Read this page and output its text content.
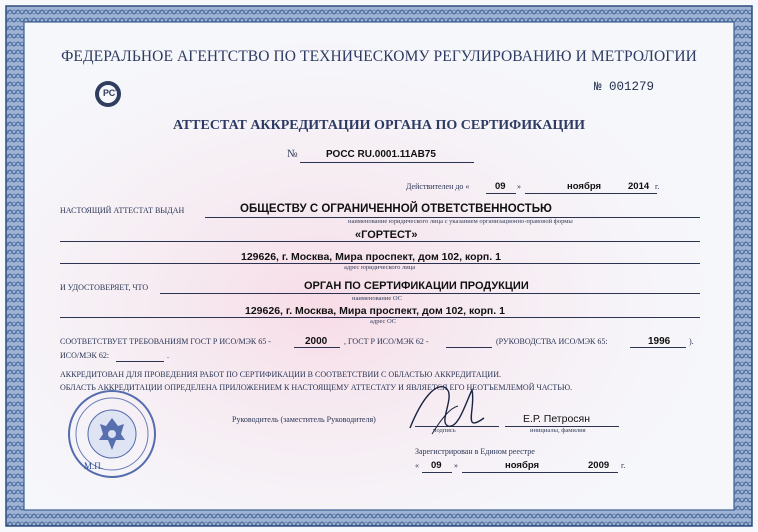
ФЕДЕРАЛЬНОЕ АГЕНТСТВО ПО ТЕХНИЧЕСКОМУ РЕГУЛИРОВАНИЮ И МЕТРОЛОГИИ
РСТ	№ 001279
АТТЕСТАТ АККРЕДИТАЦИИ ОРГАНА ПО СЕРТИФИКАЦИИ
№	РОСС RU.0001.11АВ75
Действителен до «	09 »	ноября	2014 г.
НАСТОЯЩИЙ АТТЕСТАТ ВЫДАН	ОБЩЕСТВУ С ОГРАНИЧЕННОЙ ОТВЕТСТВЕННОСТЬЮ
наименование юридического лица с указанием организационно-правовой формы
«ГОРТЕСТ»
129626, г. Москва, Мира проспект, дом 102, корп. 1
адрес юридического лица
И УДОСТОВЕРЯЕТ, ЧТО	ОРГАН ПО СЕРТИФИКАЦИИ ПРОДУКЦИИ
наименование ОС
129626, г. Москва, Мира проспект, дом 102, корп. 1
адрес ОС
СООТВЕТСТВУЕТ ТРЕБОВАНИЯМ ГОСТ Р ИСО/МЭК 65 -	2000 , ГОСТ Р ИСО/МЭК 62 -	(РУКОВОДСТВА ИСО/МЭК 65:	1996 ).
ИСО/МЭК 62:	.
АККРЕДИТОВАН ДЛЯ ПРОВЕДЕНИЯ РАБОТ ПО СЕРТИФИКАЦИИ В СООТВЕТСТВИИ С ОБЛАСТЬЮ АККРЕДИТАЦИИ.
ОБЛАСТЬ АККРЕДИТАЦИИ ОПРЕДЕЛЕНА ПРИЛОЖЕНИЕМ К НАСТОЯЩЕМУ АТТЕСТАТУ И ЯВЛЯЕТСЯ ЕГО НЕОТЪЕМЛЕМОЙ ЧАСТЬЮ.
М.П.
Руководитель (заместитель Руководителя)
подпись
Е.Р. Петросян
инициалы, фамилия
Зарегистрирован в Едином реестре
« 09 »	ноября	2009 г.
